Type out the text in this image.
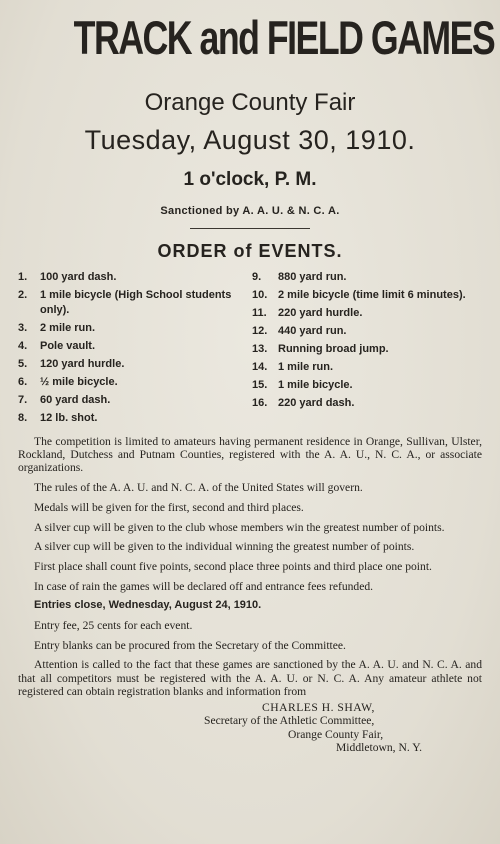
TRACK and FIELD GAMES
Orange County Fair
Tuesday, August 30, 1910.
1 o'clock, P. M.
Sanctioned by A. A. U. & N. C. A.
ORDER of EVENTS.
1.	100 yard dash.
2.	1 mile bicycle (High School students only).
3.	2 mile run.
4.	Pole vault.
5.	120 yard hurdle.
6.	½ mile bicycle.
7.	60 yard dash.
8.	12 lb. shot.
9.	880 yard run.
10. 2 mile bicycle (time limit 6 minutes).
11.	220 yard hurdle.
12. 440 yard run.
13. Running broad jump.
14. 1 mile run.
15. 1 mile bicycle.
16. 220 yard dash.

The competition is limited to amateurs having permanent residence in Orange, Sullivan, Ulster, Rockland, Dutchess and Putnam Counties, registered with the A. A. U., N. C. A., or associate organizations.

The rules of the A. A. U. and N. C. A. of the United States will govern.

Medals will be given for the first, second and third places.

A silver cup will be given to the club whose members win the greatest number of points.

A silver cup will be given to the individual winning the greatest number of points.

First place shall count five points, second place three points and third place one point.

In case of rain the games will be declared off and entrance fees refunded.

Entries close, Wednesday, August 24, 1910.

Entry fee, 25 cents for each event.

Entry blanks can be procured from the Secretary of the Committee.

Attention is called to the fact that these games are sanctioned by the A. A. U. and N. C. A. and that all competitors must be registered with the A. A. U. or N. C. A. Any amateur athlete not registered can obtain registration blanks and information from

CHARLES H. SHAW,
Secretary of the Athletic Committee,
Orange County Fair,
Middletown, N. Y.
